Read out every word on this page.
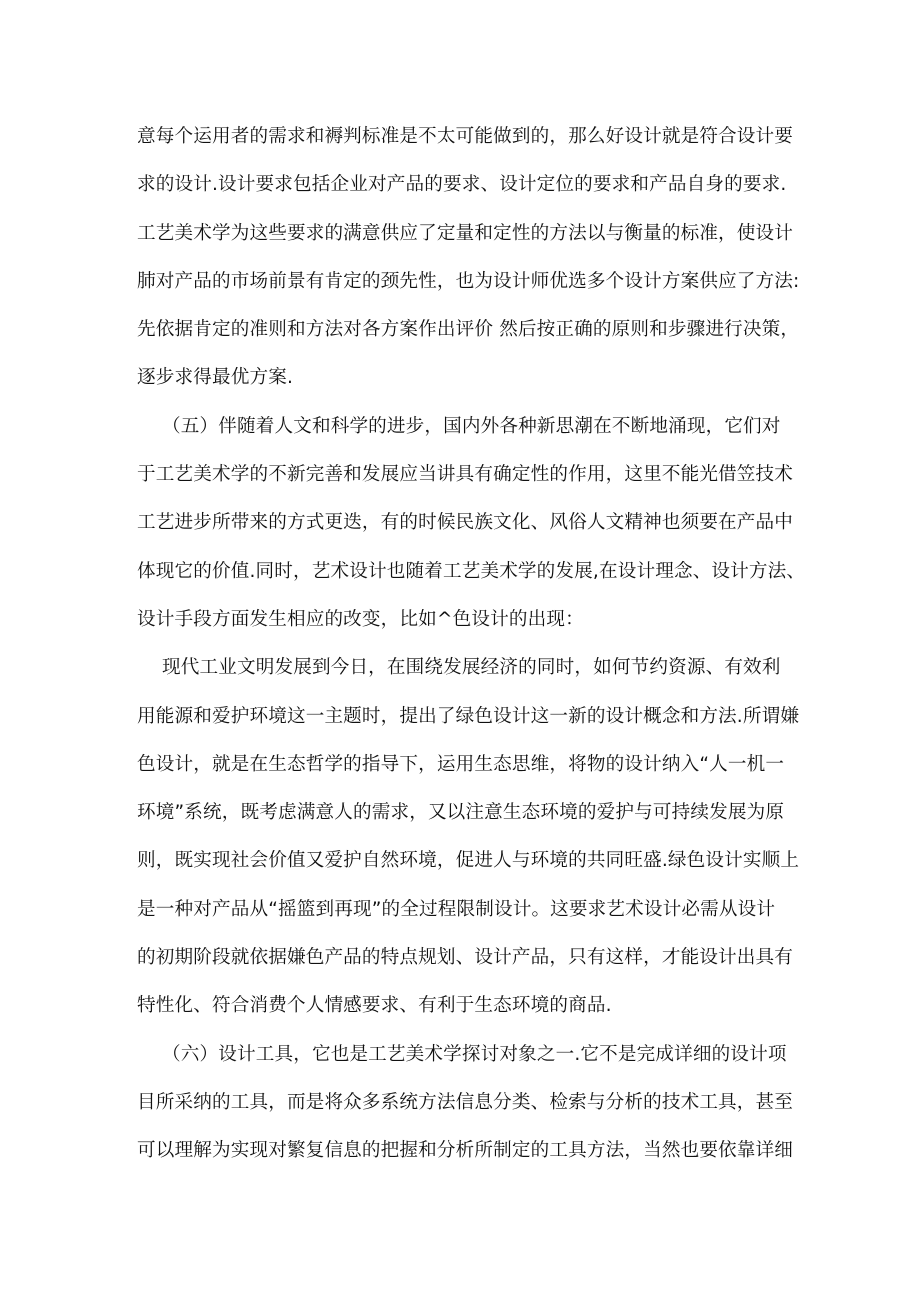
意每个运用者的需求和褥判标准是不太可能做到的，那么好设计就是符合设计要
求的设计.设计要求包括企业对产品的要求、设计定位的要求和产品自身的要求.
工艺美术学为这些要求的满意供应了定量和定性的方法以与衡量的标准，使设计
肺对产品的市场前景有肯定的颈先性，也为设计师优选多个设计方案供应了方法:
先依据肯定的准则和方法对各方案作出评价 然后按正确的原则和步骤进行决策，
逐步求得最优方案.
（五）伴随着人文和科学的进步，国内外各种新思潮在不断地涌现，它们对
于工艺美术学的不新完善和发展应当讲具有确定性的作用，这里不能光借笠技术
工艺进步所带来的方式更迭，有的时候民族文化、风俗人文精神也须要在产品中
体现它的价值.同时，艺术设计也随着工艺美术学的发展,在设计理念、设计方法、
设计手段方面发生相应的改变，比如^色设计的出现：
现代工业文明发展到今日，在围绕发展经济的同时，如何节约资源、有效利
用能源和爱护环境这一主题时，提出了绿色设计这一新的设计概念和方法.所谓嫌
色设计，就是在生态哲学的指导下，运用生态思维，将物的设计纳入“人一机一
环境”系统，既考虑满意人的需求，又以注意生态环境的爱护与可持续发展为原
则，既实现社会价值又爱护自然环境，促进人与环境的共同旺盛.绿色设计实顺上
是一种对产品从“摇篮到再现”的全过程限制设计。这要求艺术设计必需从设计
的初期阶段就依据嫌色产品的特点规划、设计产品，只有这样，才能设计出具有
特性化、符合消费个人情感要求、有利于生态环境的商品.
（六）设计工具，它也是工艺美术学探讨对象之一.它不是完成详细的设计项
目所采纳的工具，而是将众多系统方法信息分类、检索与分析的技术工具，甚至
可以理解为实现对繁复信息的把握和分析所制定的工具方法，当然也要依靠详细
